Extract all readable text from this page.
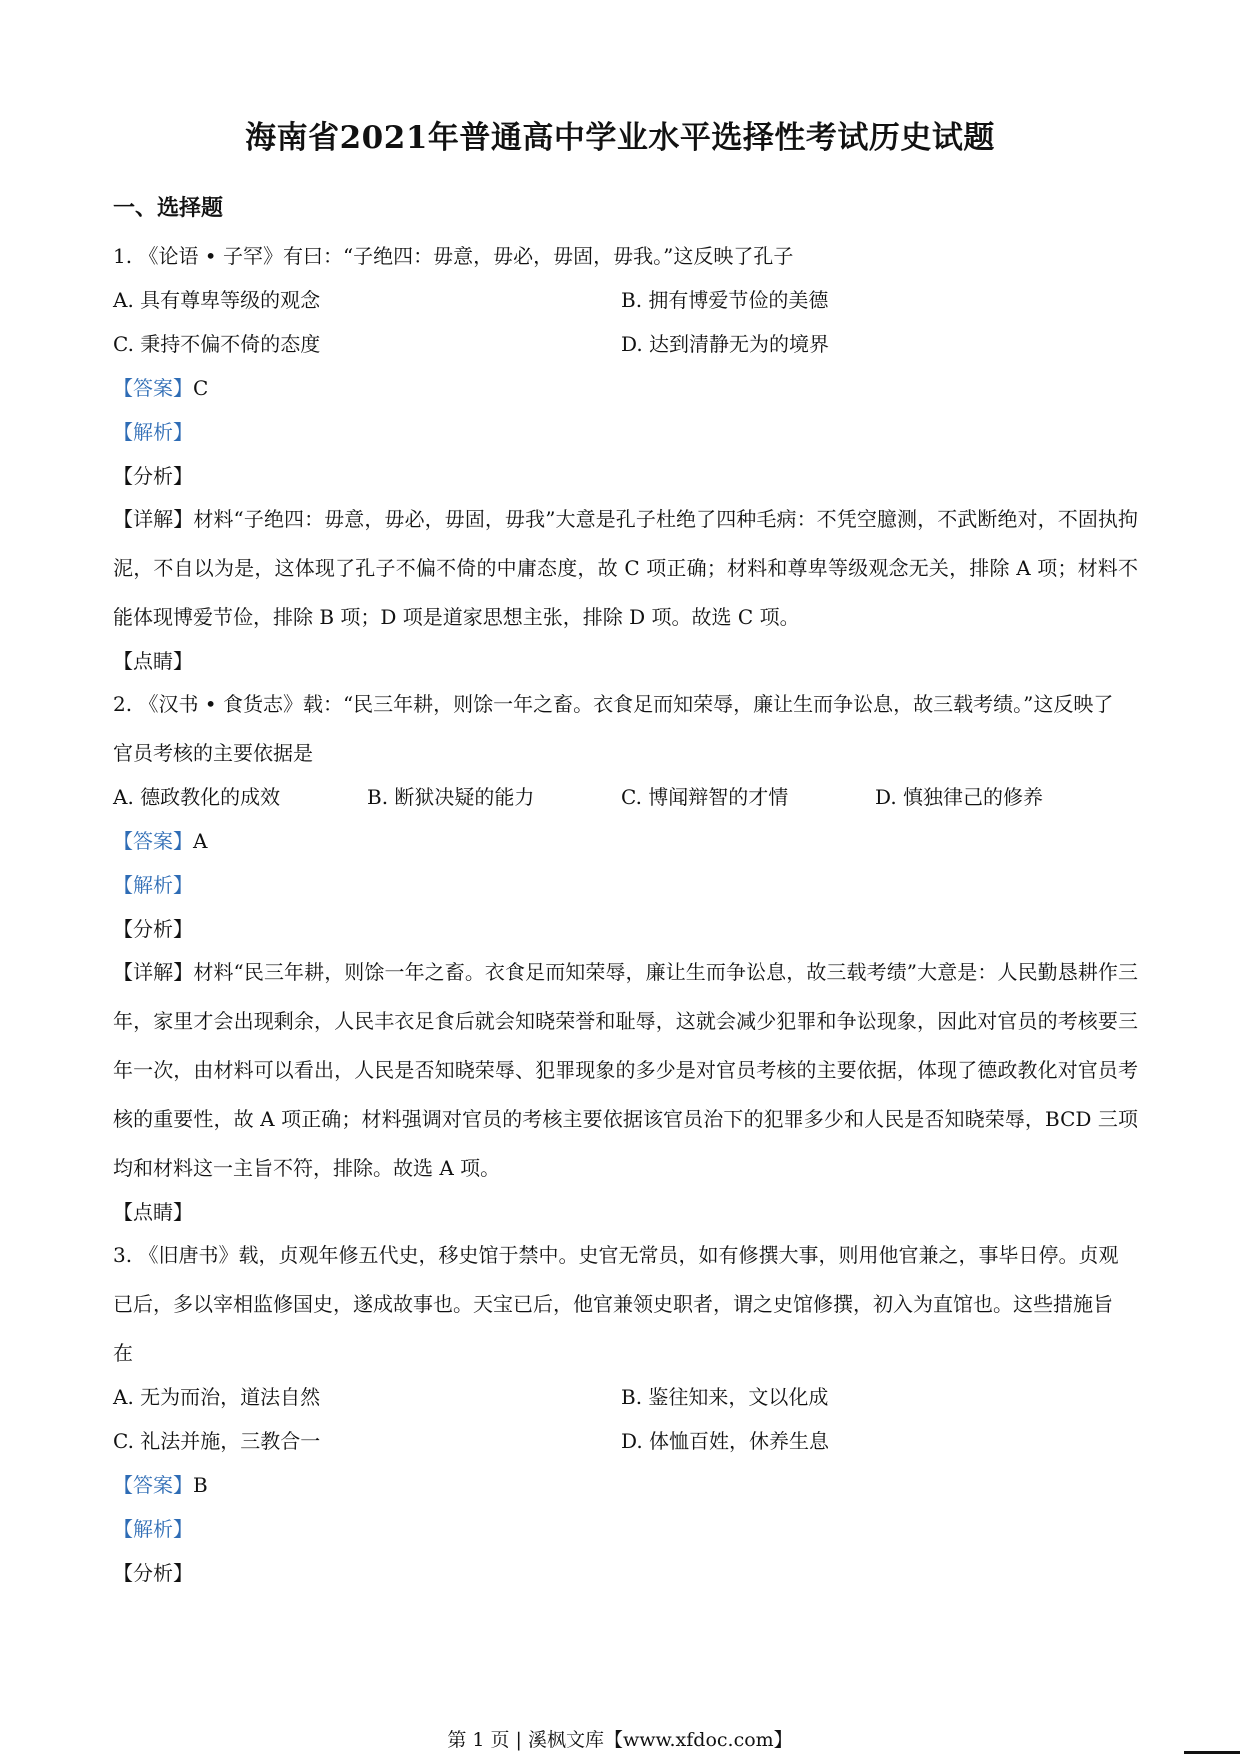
海南省2021年普通高中学业水平选择性考试历史试题
一、选择题
1. 《论语 • 子罕》有曰：“子绝四：毋意，毋必，毋固，毋我。”这反映了孔子
A. 具有尊卑等级的观念	B. 拥有博爱节俭的美德
C. 秉持不偏不倚的态度	D. 达到清静无为的境界
【答案】C
【解析】
【分析】
【详解】材料“子绝四：毋意，毋必，毋固，毋我”大意是孔子杜绝了四种毛病：不凭空臆测，不武断绝对，不固执拘泥，不自以为是，这体现了孔子不偏不倚的中庸态度，故 C 项正确；材料和尊卑等级观念无关，排除 A 项；材料不能体现博爱节俭，排除 B 项；D 项是道家思想主张，排除 D 项。故选 C 项。
【点睛】
2. 《汉书 • 食货志》载：“民三年耕，则馀一年之畜。衣食足而知荣辱，廉让生而争讼息，故三载考绩。”这反映了官员考核的主要依据是
A. 德政教化的成效	B. 断狱决疑的能力	C. 博闻辩智的才情	D. 慎独律己的修养
【答案】A
【解析】
【分析】
【详解】材料“民三年耕，则馀一年之畜。衣食足而知荣辱，廉让生而争讼息，故三载考绩”大意是：人民勤恳耕作三年，家里才会出现剩余，人民丰衣足食后就会知晓荣誉和耻辱，这就会减少犯罪和争讼现象，因此对官员的考核要三年一次，由材料可以看出，人民是否知晓荣辱、犯罪现象的多少是对官员考核的主要依据，体现了德政教化对官员考核的重要性，故 A 项正确；材料强调对官员的考核主要依据该官员治下的犯罪多少和人民是否知晓荣辱，BCD 三项均和材料这一主旨不符，排除。故选 A 项。
【点睛】
3. 《旧唐书》载，贞观年修五代史，移史馆于禁中。史官无常员，如有修撰大事，则用他官兼之，事毕日停。贞观已后，多以宰相监修国史，遂成故事也。天宝已后，他官兼领史职者，谓之史馆修撰，初入为直馆也。这些措施旨在
A. 无为而治，道法自然	B. 鉴往知来，文以化成
C. 礼法并施，三教合一	D. 体恤百姓，休养生息
【答案】B
【解析】
【分析】
第 1 页 | 溪枫文库【www.xfdoc.com】
